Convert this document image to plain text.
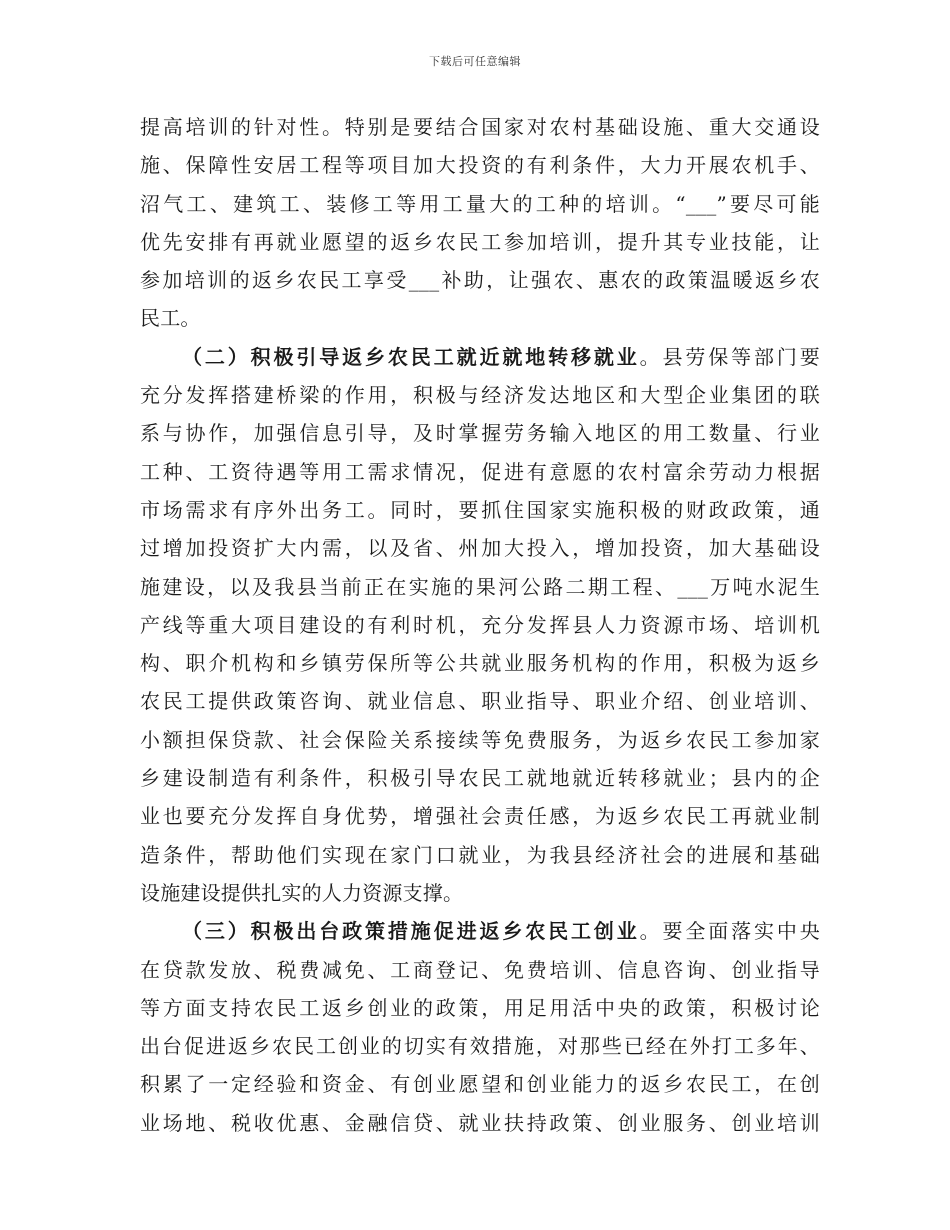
下载后可任意编辑
提高培训的针对性。特别是要结合国家对农村基础设施、重大交通设
施、保障性安居工程等项目加大投资的有利条件，大力开展农机手、
沼气工、建筑工、装修工等用工量大的工种的培训。“___”要尽可能
优先安排有再就业愿望的返乡农民工参加培训，提升其专业技能，让
参加培训的返乡农民工享受___补助，让强农、惠农的政策温暖返乡农
民工。
（二）积极引导返乡农民工就近就地转移就业。县劳保等部门要
充分发挥搭建桥梁的作用，积极与经济发达地区和大型企业集团的联
系与协作，加强信息引导，及时掌握劳务输入地区的用工数量、行业
工种、工资待遇等用工需求情况，促进有意愿的农村富余劳动力根据
市场需求有序外出务工。同时，要抓住国家实施积极的财政政策，通
过增加投资扩大内需，以及省、州加大投入，增加投资，加大基础设
施建设，以及我县当前正在实施的果河公路二期工程、___万吨水泥生
产线等重大项目建设的有利时机，充分发挥县人力资源市场、培训机
构、职介机构和乡镇劳保所等公共就业服务机构的作用，积极为返乡
农民工提供政策咨询、就业信息、职业指导、职业介绍、创业培训、
小额担保贷款、社会保险关系接续等免费服务，为返乡农民工参加家
乡建设制造有利条件，积极引导农民工就地就近转移就业；县内的企
业也要充分发挥自身优势，增强社会责任感，为返乡农民工再就业制
造条件，帮助他们实现在家门口就业，为我县经济社会的进展和基础
设施建设提供扎实的人力资源支撑。
（三）积极出台政策措施促进返乡农民工创业。要全面落实中央
在贷款发放、税费减免、工商登记、免费培训、信息咨询、创业指导
等方面支持农民工返乡创业的政策，用足用活中央的政策，积极讨论
出台促进返乡农民工创业的切实有效措施，对那些已经在外打工多年、
积累了一定经验和资金、有创业愿望和创业能力的返乡农民工，在创
业场地、税收优惠、金融信贷、就业扶持政策、创业服务、创业培训
